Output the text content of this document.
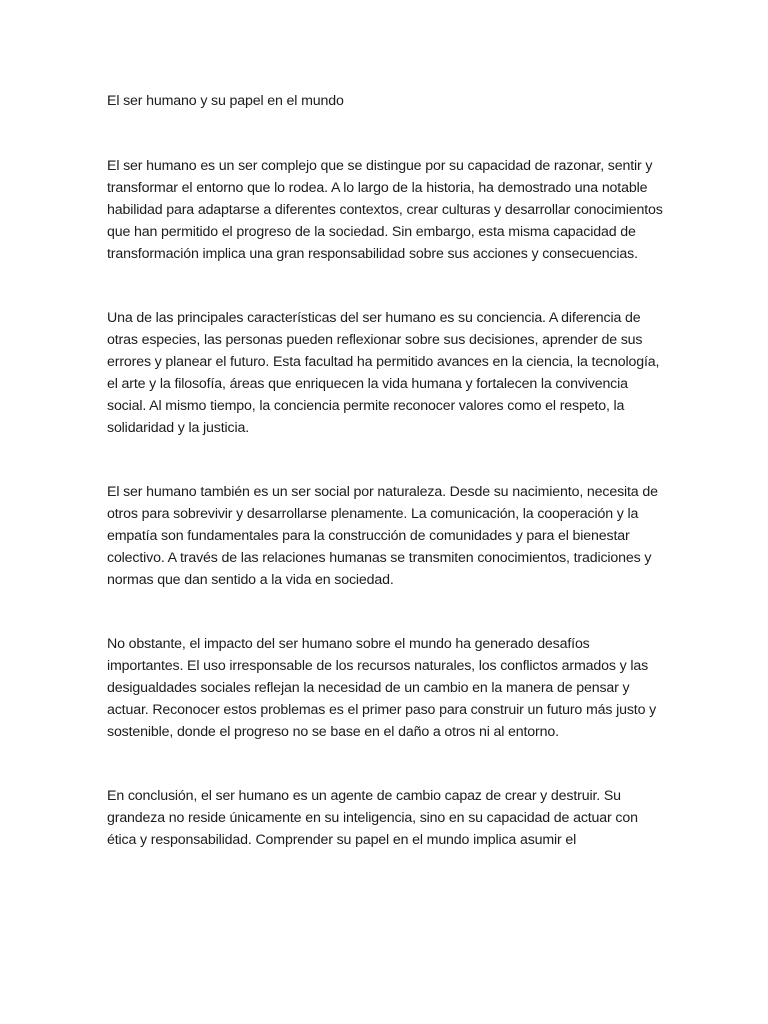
El ser humano y su papel en el mundo

El ser humano es un ser complejo que se distingue por su capacidad de razonar, sentir y transformar el entorno que lo rodea. A lo largo de la historia, ha demostrado una notable habilidad para adaptarse a diferentes contextos, crear culturas y desarrollar conocimientos que han permitido el progreso de la sociedad. Sin embargo, esta misma capacidad de transformación implica una gran responsabilidad sobre sus acciones y consecuencias.

Una de las principales características del ser humano es su conciencia. A diferencia de otras especies, las personas pueden reflexionar sobre sus decisiones, aprender de sus errores y planear el futuro. Esta facultad ha permitido avances en la ciencia, la tecnología, el arte y la filosofía, áreas que enriquecen la vida humana y fortalecen la convivencia social. Al mismo tiempo, la conciencia permite reconocer valores como el respeto, la solidaridad y la justicia.

El ser humano también es un ser social por naturaleza. Desde su nacimiento, necesita de otros para sobrevivir y desarrollarse plenamente. La comunicación, la cooperación y la empatía son fundamentales para la construcción de comunidades y para el bienestar colectivo. A través de las relaciones humanas se transmiten conocimientos, tradiciones y normas que dan sentido a la vida en sociedad.

No obstante, el impacto del ser humano sobre el mundo ha generado desafíos importantes. El uso irresponsable de los recursos naturales, los conflictos armados y las desigualdades sociales reflejan la necesidad de un cambio en la manera de pensar y actuar. Reconocer estos problemas es el primer paso para construir un futuro más justo y sostenible, donde el progreso no se base en el daño a otros ni al entorno.

En conclusión, el ser humano es un agente de cambio capaz de crear y destruir. Su grandeza no reside únicamente en su inteligencia, sino en su capacidad de actuar con ética y responsabilidad. Comprender su papel en el mundo implica asumir el
